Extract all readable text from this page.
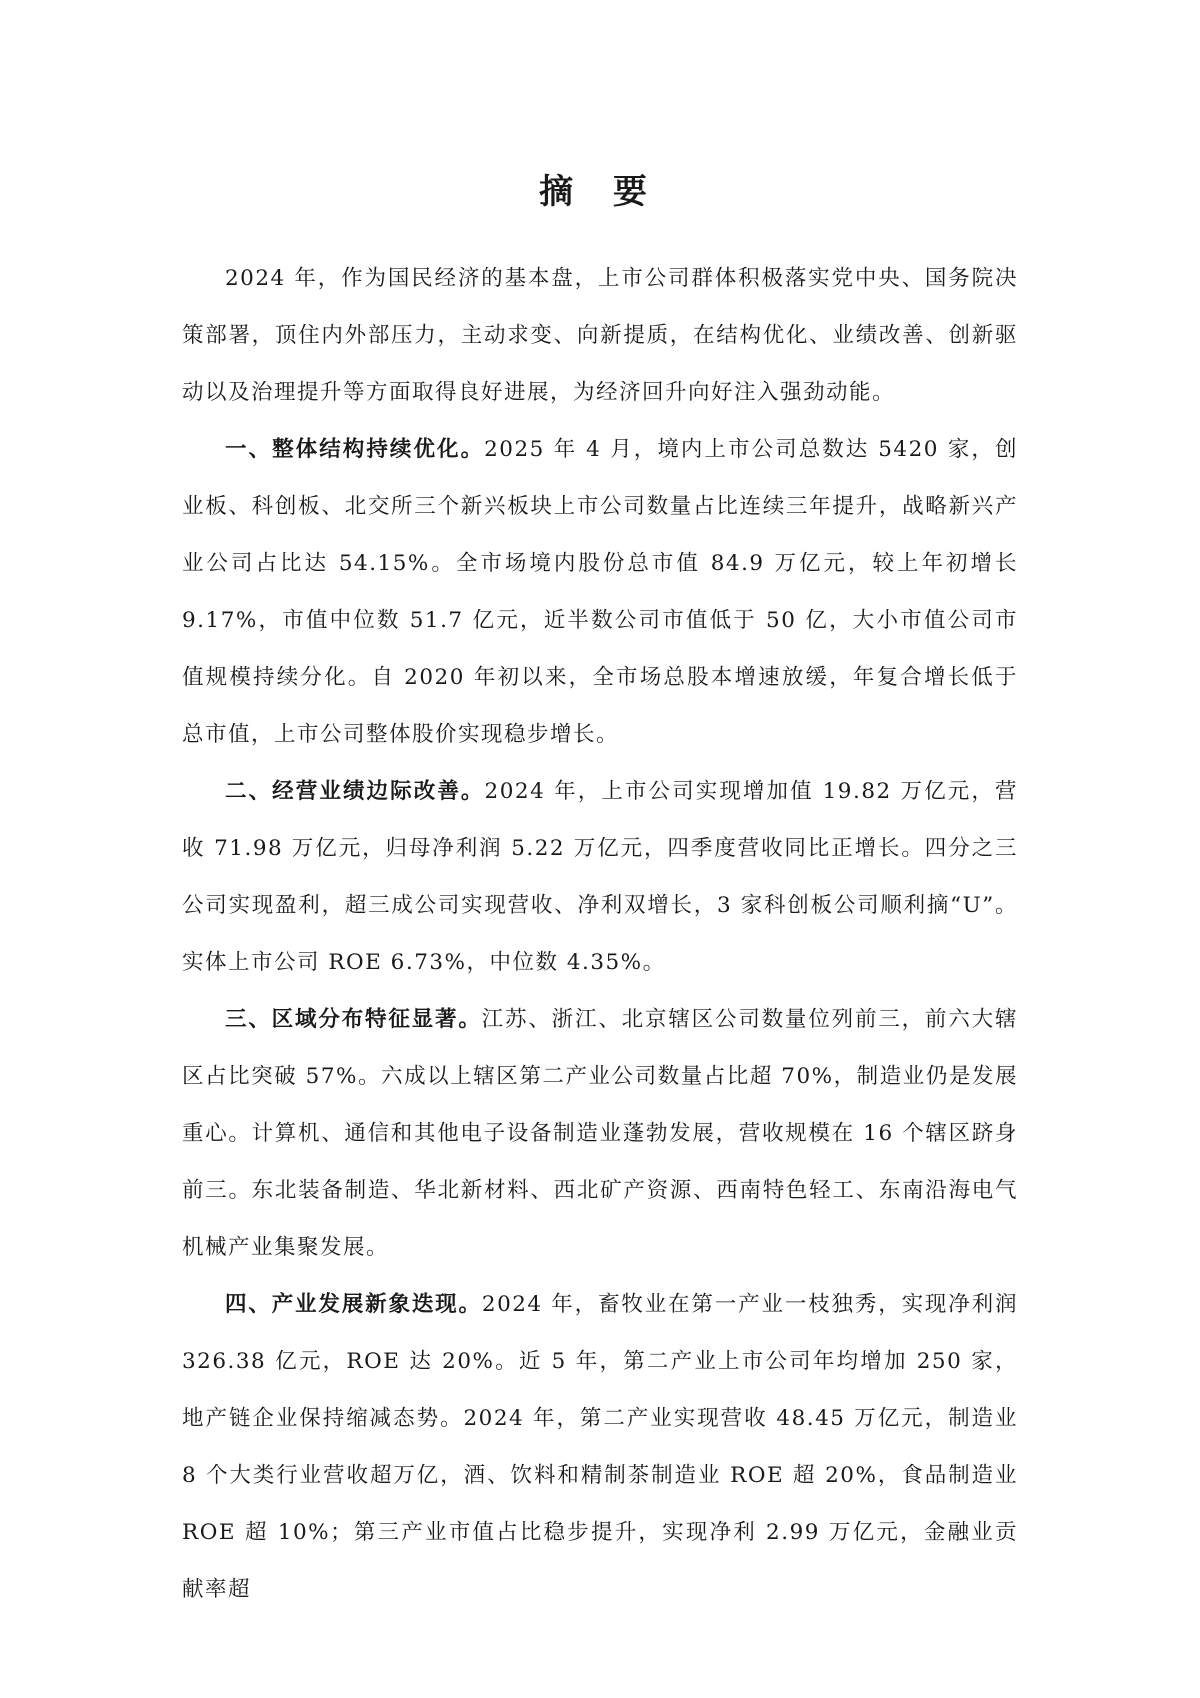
摘 要

2024 年，作为国民经济的基本盘，上市公司群体积极落实党中央、国务院决策部署，顶住内外部压力，主动求变、向新提质，在结构优化、业绩改善、创新驱动以及治理提升等方面取得良好进展，为经济回升向好注入强劲动能。

一、整体结构持续优化。2025 年 4 月，境内上市公司总数达 5420 家，创业板、科创板、北交所三个新兴板块上市公司数量占比连续三年提升，战略新兴产业公司占比达 54.15%。全市场境内股份总市值 84.9 万亿元，较上年初增长 9.17%，市值中位数 51.7 亿元，近半数公司市值低于 50 亿，大小市值公司市值规模持续分化。自 2020 年初以来，全市场总股本增速放缓，年复合增长低于总市值，上市公司整体股价实现稳步增长。

二、经营业绩边际改善。2024 年，上市公司实现增加值 19.82 万亿元，营收 71.98 万亿元，归母净利润 5.22 万亿元，四季度营收同比正增长。四分之三公司实现盈利，超三成公司实现营收、净利双增长，3 家科创板公司顺利摘“U”。实体上市公司 ROE 6.73%，中位数 4.35%。

三、区域分布特征显著。江苏、浙江、北京辖区公司数量位列前三，前六大辖区占比突破 57%。六成以上辖区第二产业公司数量占比超 70%，制造业仍是发展重心。计算机、通信和其他电子设备制造业蓬勃发展，营收规模在 16 个辖区跻身前三。东北装备制造、华北新材料、西北矿产资源、西南特色轻工、东南沿海电气机械产业集聚发展。

四、产业发展新象迭现。2024 年，畜牧业在第一产业一枝独秀，实现净利润 326.38 亿元，ROE 达 20%。近 5 年，第二产业上市公司年均增加 250 家，地产链企业保持缩减态势。2024 年，第二产业实现营收 48.45 万亿元，制造业 8 个大类行业营收超万亿，酒、饮料和精制茶制造业 ROE 超 20%，食品制造业 ROE 超 10%；第三产业市值占比稳步提升，实现净利 2.99 万亿元，金融业贡献率超
